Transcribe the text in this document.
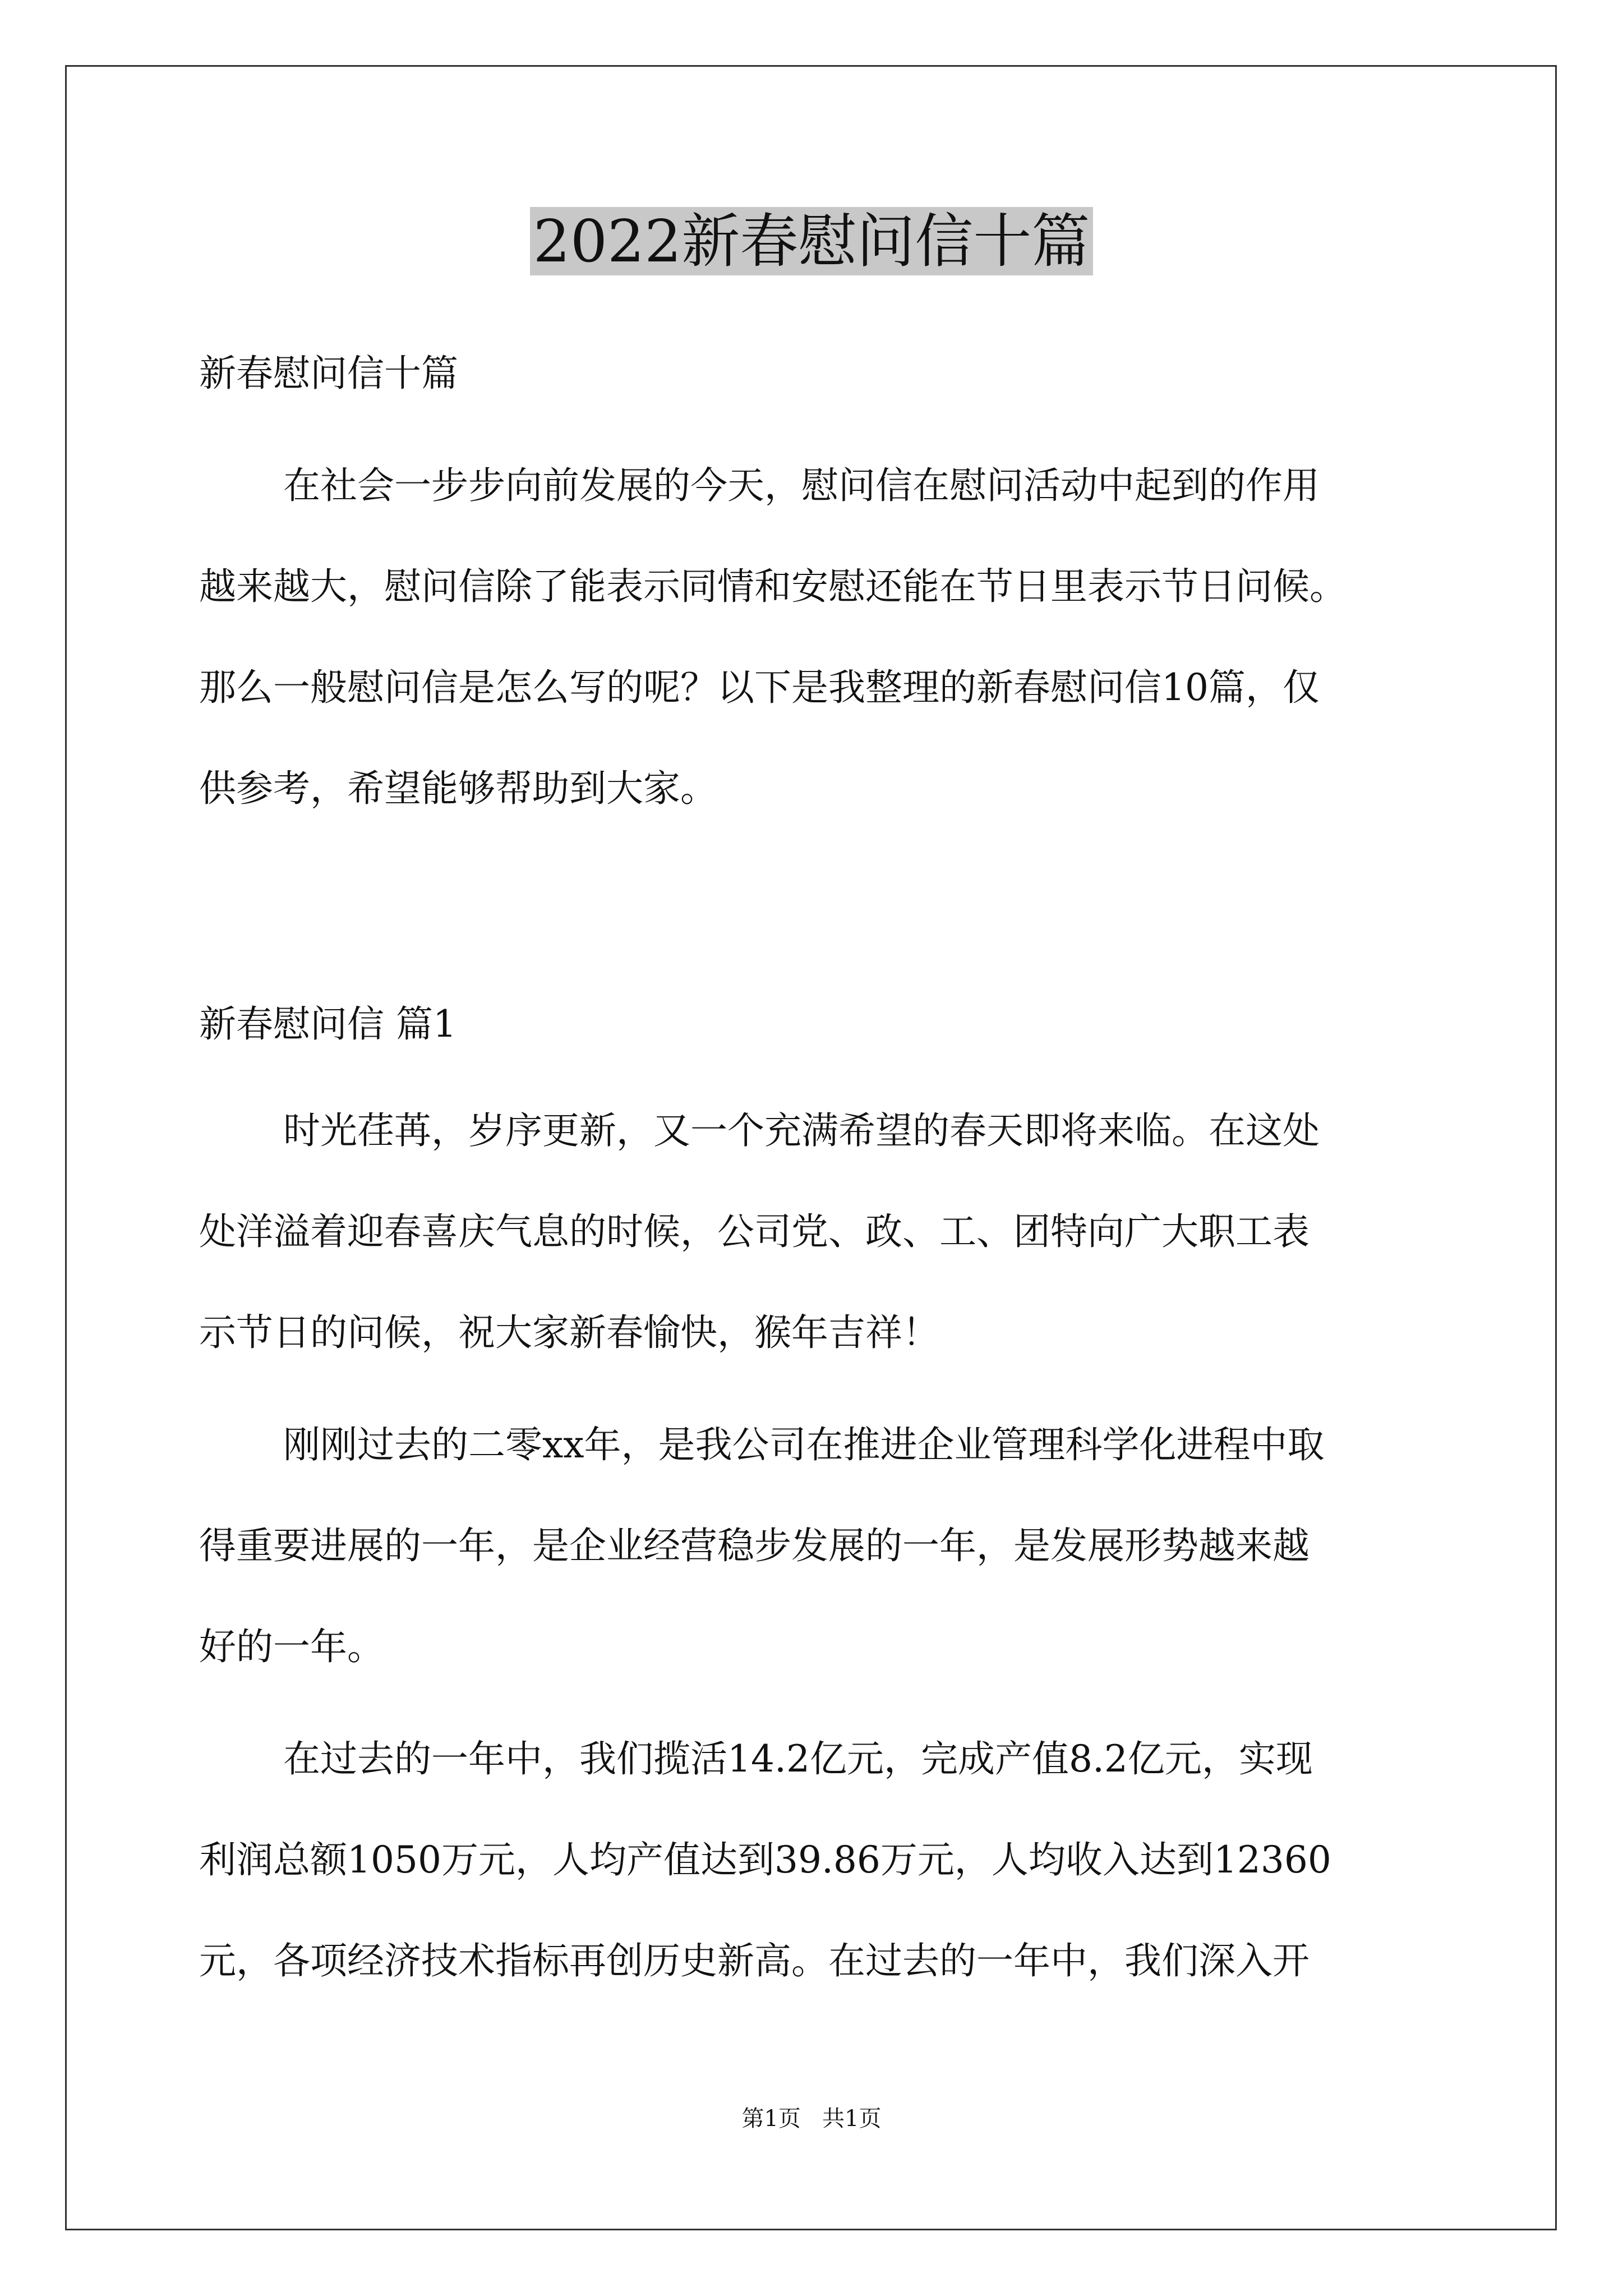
2022新春慰问信十篇

新春慰问信十篇

在社会一步步向前发展的今天，慰问信在慰问活动中起到的作用

越来越大，慰问信除了能表示同情和安慰还能在节日里表示节日问候。

那么一般慰问信是怎么写的呢？以下是我整理的新春慰问信10篇，仅

供参考，希望能够帮助到大家。

新春慰问信 篇1

时光荏苒，岁序更新，又一个充满希望的春天即将来临。在这处

处洋溢着迎春喜庆气息的时候，公司党、政、工、团特向广大职工表

示节日的问候，祝大家新春愉快，猴年吉祥！

刚刚过去的二零xx年，是我公司在推进企业管理科学化进程中取

得重要进展的一年，是企业经营稳步发展的一年，是发展形势越来越

好的一年。

在过去的一年中，我们揽活14.2亿元，完成产值8.2亿元，实现

利润总额1050万元，人均产值达到39.86万元，人均收入达到12360

元，各项经济技术指标再创历史新高。在过去的一年中，我们深入开

第1页   共1页
